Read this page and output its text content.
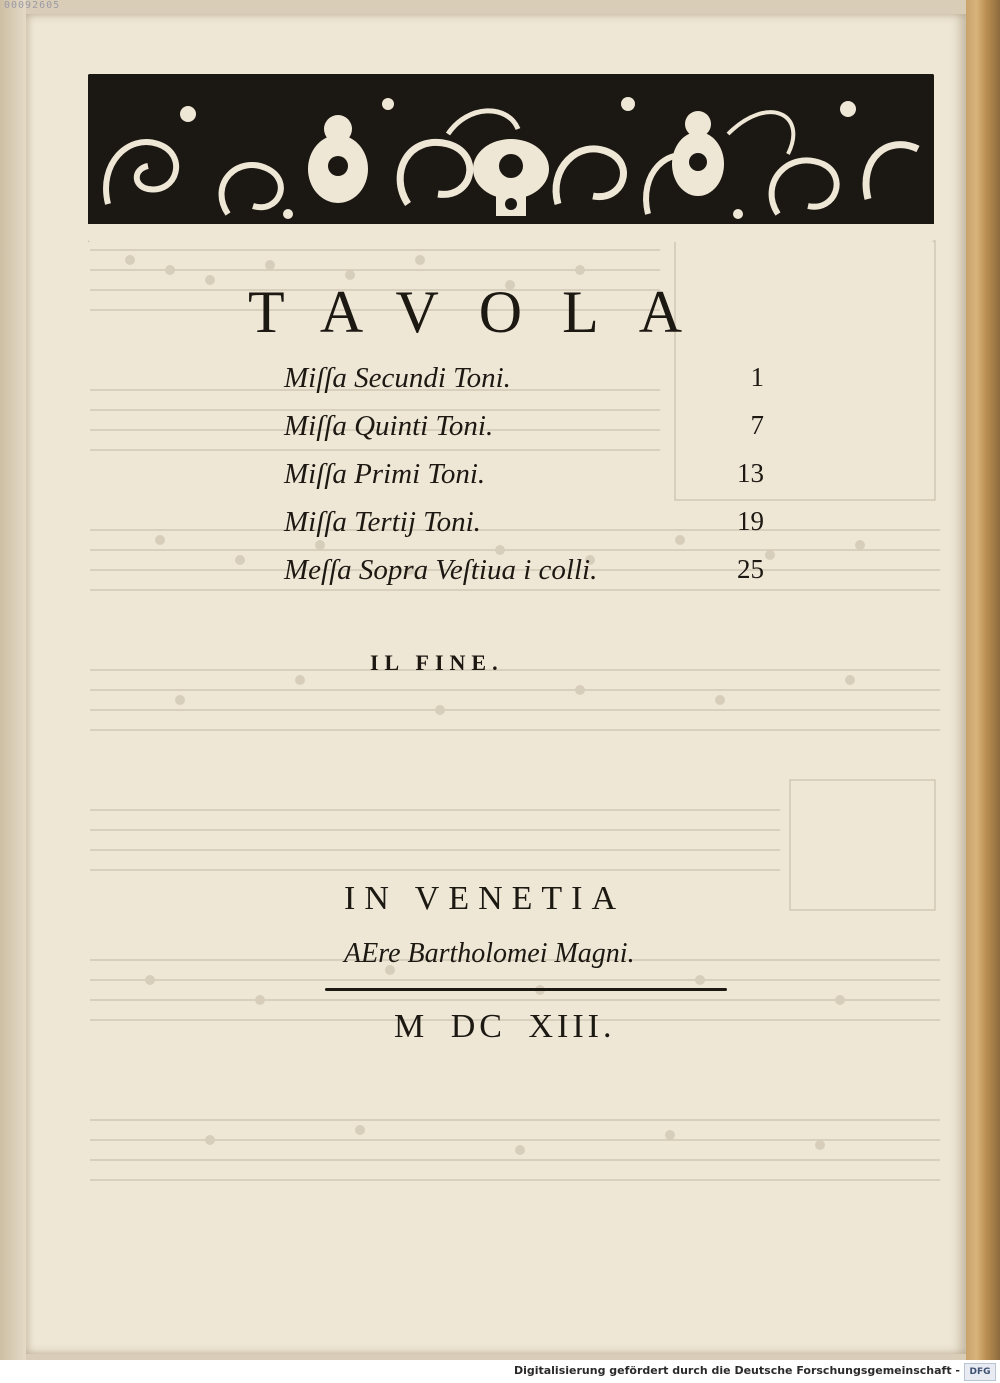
00092605
TAVOLA
Miſſa Secundi Toni.	1
Miſſa Quinti Toni.	7
Miſſa Primi Toni.	13
Miſſa Tertij Toni.	19
Meſſa Sopra Veſtiua i colli.	25

IL FINE.

IN VENETIA

AEre Bartholomei Magni.

M DC XIII.

Digitalisierung gefördert durch die Deutsche Forschungsgemeinschaft -	DFG
